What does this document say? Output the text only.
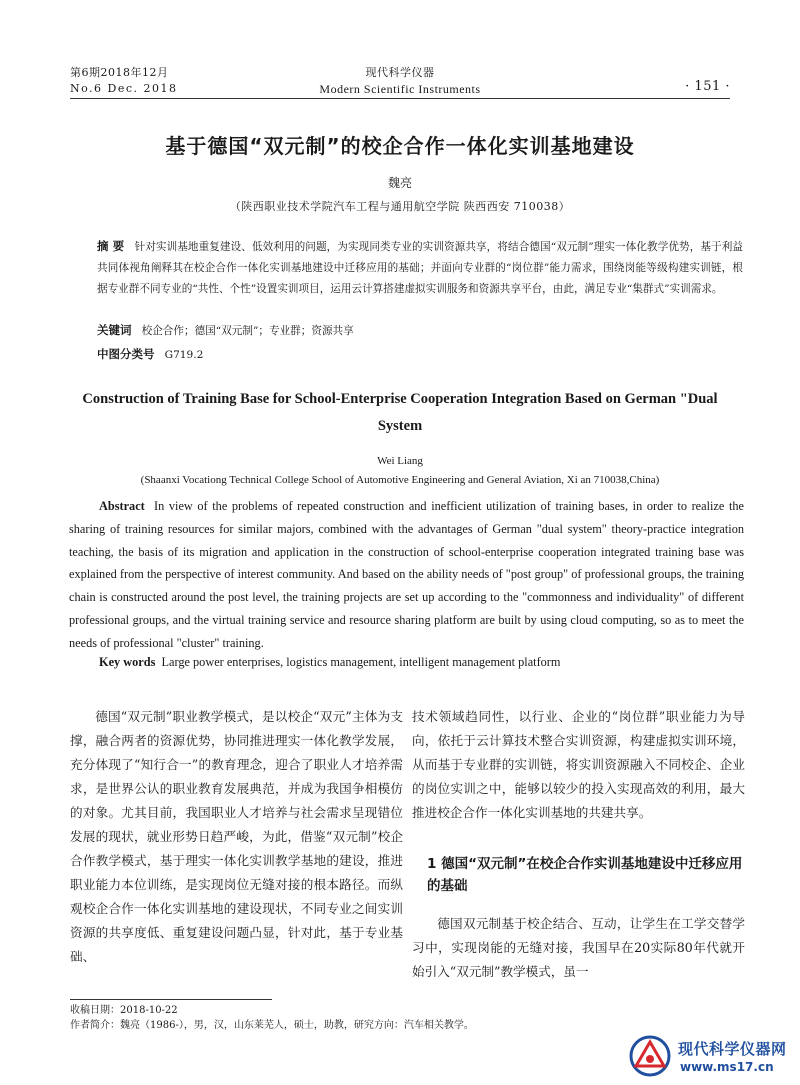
第6期2018年12月
No.6 Dec. 2018
现代科学仪器
Modern Scientific Instruments	· 151 ·
基于德国“双元制”的校企合作一体化实训基地建设
魏亮
（陕西职业技术学院汽车工程与通用航空学院 陕西西安 710038）
摘 要 针对实训基地重复建设、低效利用的问题，为实现同类专业的实训资源共享，将结合德国“双元制”理实一体化教学优势，基于利益共同体视角阐释其在校企合作一体化实训基地建设中迁移应用的基础；并面向专业群的“岗位群”能力需求，围绕岗能等级构建实训链，根据专业群不同专业的“共性、个性”设置实训项目，运用云计算搭建虚拟实训服务和资源共享平台，由此，满足专业“集群式”实训需求。
关键词 校企合作；德国“双元制”；专业群；资源共享
中图分类号 G719.2
Construction of Training Base for School-Enterprise Cooperation Integration Based on German "Dual System
Wei Liang
(Shaanxi Vocationg Technical College School of Automotive Engineering and General Aviation, Xi an 710038,China)
Abstract In view of the problems of repeated construction and inefficient utilization of training bases, in order to realize the sharing of training resources for similar majors, combined with the advantages of German "dual system" theory-practice integration teaching, the basis of its migration and application in the construction of school-enterprise cooperation integrated training base was explained from the perspective of interest community. And based on the ability needs of "post group" of professional groups, the training chain is constructed around the post level, the training projects are set up according to the "commonness and individuality" of different professional groups, and the virtual training service and resource sharing platform are built by using cloud computing, so as to meet the needs of professional "cluster" training.
Key words Large power enterprises, logistics management, intelligent management platform

德国“双元制”职业教学模式，是以校企“双元”主体为支撑，融合两者的资源优势，协同推进理实一体化教学发展，充分体现了“知行合一”的教育理念，迎合了职业人才培养需求，是世界公认的职业教育发展典范，并成为我国争相模仿的对象。尤其目前，我国职业人才培养与社会需求呈现错位发展的现状，就业形势日趋严峻，为此，借鉴“双元制”校企合作教学模式，基于理实一体化实训教学基地的建设，推进职业能力本位训练，是实现岗位无缝对接的根本路径。而纵观校企合作一体化实训基地的建设现状，不同专业之间实训资源的共享度低、重复建设问题凸显，针对此，基于专业基础、

技术领域趋同性，以行业、企业的“岗位群”职业能力为导向，依托于云计算技术整合实训资源，构建虚拟实训环境，从而基于专业群的实训链，将实训资源融入不同校企、企业的岗位实训之中，能够以较少的投入实现高效的利用，最大推进校企合作一体化实训基地的共建共享。

1 德国“双元制”在校企合作实训基地建设中迁移应用的基础

德国双元制基于校企结合、互动，让学生在工学交替学习中，实现岗能的无缝对接，我国早在20实际80年代就开始引入“双元制”教学模式，虽一

收稿日期：2018-10-22
作者简介：魏亮（1986-），男，汉，山东莱芜人，硕士，助教，研究方向：汽车相关教学。
现代科学仪器网
www.ms17.cn
